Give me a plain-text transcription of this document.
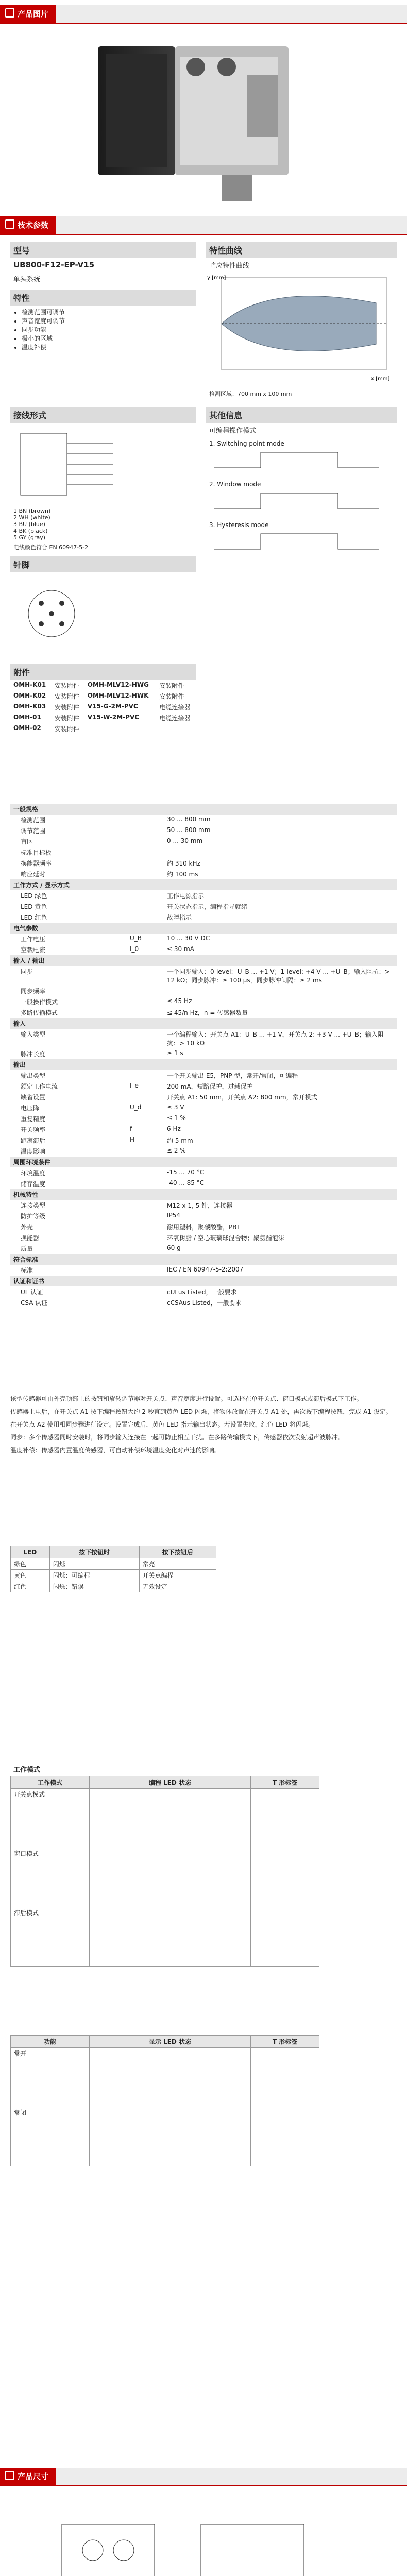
产品图片
技术参数
型号
UB800-F12-EP-V15
单头系统
特性
• 检测范围可调节
• 声音宽度可调节
• 同步功能
• 极小的区域
• 温度补偿
特性曲线
响应特性曲线
x [mm]
y [mm]
检测区域：700 mm x 100 mm
接线形式
1 BN (brown)
2 WH (white)
3 BU (blue)
4 BK (black)
5 GY (gray)
电线颜色符合 EN 60947-5-2
其他信息
可编程操作模式
1. Switching point mode
2. Window mode
3. Hysteresis mode
针脚
附件
OMH-K01	安装附件	OMH-MLV12-HWG	安装附件
OMH-K02	安装附件	OMH-MLV12-HWK	安装附件
OMH-K03	安装附件	V15-G-2M-PVC	电缆连接器
OMH-01	安装附件	V15-W-2M-PVC	电缆连接器
OMH-02	安装附件		
一般规格		
检测范围		30 ... 800 mm
调节范围		50 ... 800 mm
盲区		0 ... 30 mm
标准目标板		
换能器频率		约 310 kHz
响应延时		约 100 ms
工作方式 / 显示方式		
LED 绿色		工作电源指示
LED 黄色		开关状态指示，编程指导就绪
LED 红色		故障指示
电气参数		
工作电压	U_B	10 ... 30 V DC
空载电流	I_0	≤ 30 mA
输入 / 输出		
同步		一个同步输入：0-level: -U_B ... +1 V；1-level: +4 V ... +U_B；输入阻抗：> 12 kΩ；同步脉冲：≥ 100 µs，同步脉冲间隔：≥ 2 ms
同步频率		
一般操作模式		≤ 45 Hz
多路传输模式		≤ 45/n Hz，n = 传感器数量
输入		
输入类型		一个编程输入：开关点 A1: -U_B ... +1 V，开关点 2: +3 V ... +U_B；输入阻抗：> 10 kΩ
脉冲长度		≥ 1 s
输出		
输出类型		一个开关输出 E5，PNP 型，常开/常闭，可编程
额定工作电流	I_e	200 mA，短路保护，过载保护
缺省设置		开关点 A1: 50 mm，开关点 A2: 800 mm，常开模式
电压降	U_d	≤ 3 V
重复精度		≤ 1 %
开关频率	f	6 Hz
距离滞后	H	约 5 mm
温度影响		≤ 2 %
周围环境条件		
环境温度		-15 ... 70 °C
储存温度		-40 ... 85 °C
机械特性		
连接类型		M12 x 1, 5 针，连接器
防护等级		IP54
外壳		耐用塑料，聚碳酸酯，PBT
换能器		环氧树脂 / 空心玻璃球混合物；聚氨酯泡沫
质量		60 g
符合标准		
标准		IEC / EN 60947-5-2:2007
认证和证书		
UL 认证		cULus Listed，一般要求
CSA 认证		cCSAus Listed，一般要求

该型传感器可由外壳顶部上的按钮和旋转调节器对开关点、声音宽度进行设置。可选择在单开关点、窗口模式或滞后模式下工作。

传感器上电后，在开关点 A1 按下编程按钮大约 2 秒直到黄色 LED 闪烁，将物体放置在开关点 A1 处，再次按下编程按钮，完成 A1 设定。

在开关点 A2 使用相同步骤进行设定。设置完成后，黄色 LED 指示输出状态。若设置失败，红色 LED 将闪烁。

同步：多个传感器同时安装时，将同步输入连接在一起可防止相互干扰。在多路传输模式下，传感器依次发射超声波脉冲。

温度补偿：传感器内置温度传感器，可自动补偿环境温度变化对声速的影响。

LED	按下按钮时	按下按钮后
绿色	闪烁	常亮
黄色	闪烁：可编程	开关点编程
红色	闪烁：错误	无效设定
工作模式
工作模式	编程 LED 状态	T 形标签
开关点模式		
窗口模式		
滞后模式		
功能	显示 LED 状态	T 形标签
常开		
常闭		
产品尺寸
